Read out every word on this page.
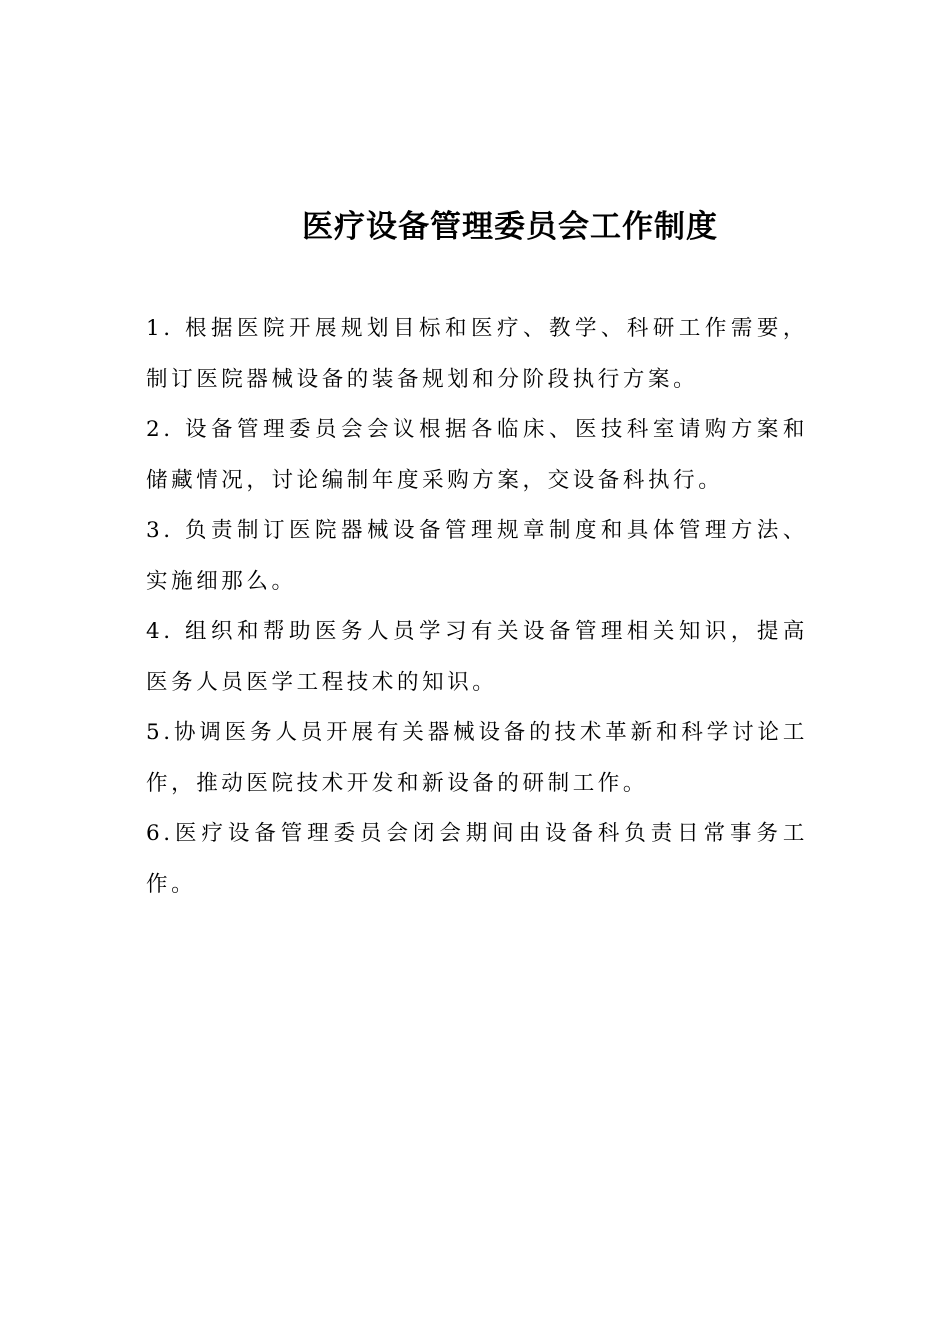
医疗设备管理委员会工作制度

1. 根据医院开展规划目标和医疗、教学、科研工作需要，制订医院器械设备的装备规划和分阶段执行方案。

2. 设备管理委员会会议根据各临床、医技科室请购方案和储藏情况，讨论编制年度采购方案，交设备科执行。

3. 负责制订医院器械设备管理规章制度和具体管理方法、实施细那么。

4. 组织和帮助医务人员学习有关设备管理相关知识，提高医务人员医学工程技术的知识。

5.协调医务人员开展有关器械设备的技术革新和科学讨论工作，推动医院技术开发和新设备的研制工作。

6.医疗设备管理委员会闭会期间由设备科负责日常事务工作。
